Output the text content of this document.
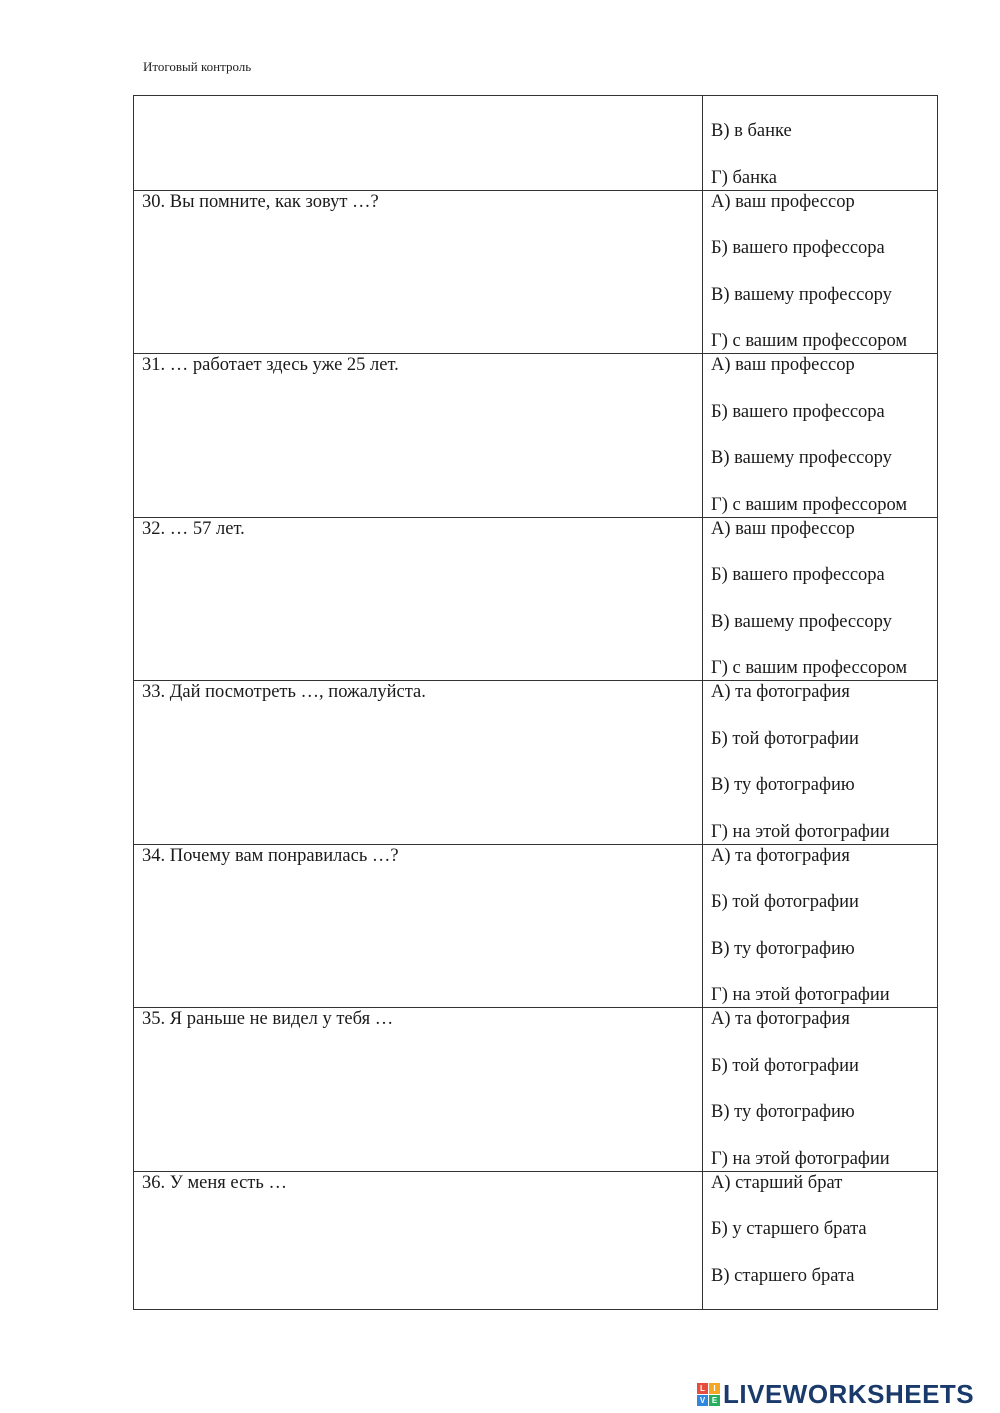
Итоговый контроль

	В) в банке
Г) банка

30. Вы помните, как зовут …?	А) ваш профессор
Б) вашего профессора
В) вашему профессору
Г) с вашим профессором

31. … работает здесь уже 25 лет.	А) ваш профессор
Б) вашего профессора
В) вашему профессору
Г) с вашим профессором

32. … 57 лет.	А) ваш профессор
Б) вашего профессора
В) вашему профессору
Г) с вашим профессором

33. Дай посмотреть …, пожалуйста.	А) та фотография
Б) той фотографии
В) ту фотографию
Г) на этой фотографии

34. Почему вам понравилась …?	А) та фотография
Б) той фотографии
В) ту фотографию
Г) на этой фотографии

35. Я раньше не видел у тебя …	А) та фотография
Б) той фотографии
В) ту фотографию
Г) на этой фотографии

36. У меня есть …	А) старший брат
Б) у старшего брата
В) старшего брата
L	I
V E LIVEWORKSHEETS
